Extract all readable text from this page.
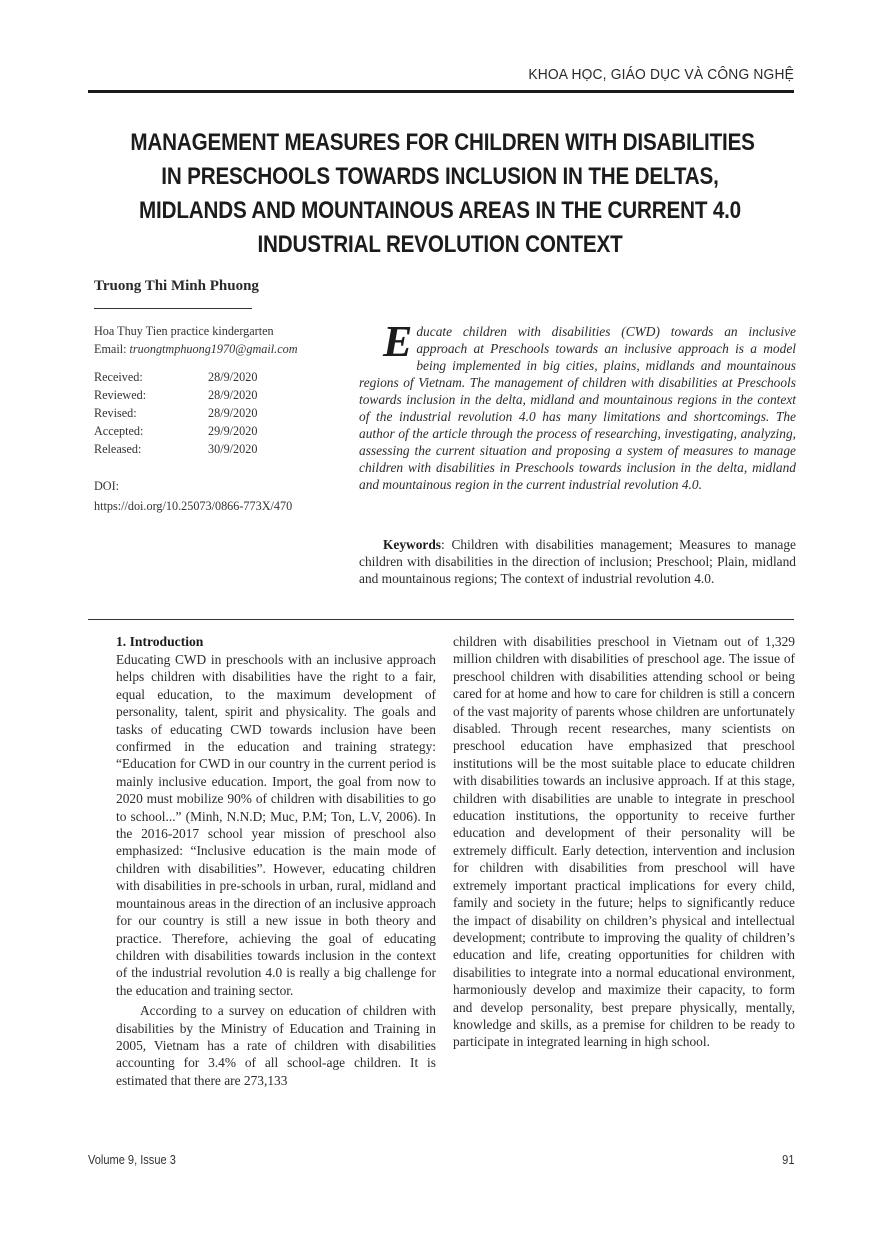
KHOA HỌC, GIÁO DỤC VÀ CÔNG NGHỆ
MANAGEMENT MEASURES FOR CHILDREN WITH DISABILITIES
IN PRESCHOOLS TOWARDS INCLUSION IN THE DELTAS,
MIDLANDS AND MOUNTAINOUS AREAS IN THE CURRENT 4.0
INDUSTRIAL REVOLUTION CONTEXT
Truong Thi Minh Phuong
Hoa Thuy Tien practice kindergarten
Email: truongtmphuong1970@gmail.com
Received:	28/9/2020
Reviewed:	28/9/2020
Revised:	28/9/2020
Accepted:	29/9/2020
Released:	30/9/2020
DOI:
https://doi.org/10.25073/0866-773X/470
Educate children with disabilities (CWD) towards an inclusive approach at Preschools towards an inclusive approach is a model being implemented in big cities, plains, midlands and mountainous regions of Vietnam. The management of children with disabilities at Preschools towards inclusion in the delta, midland and mountainous regions in the context of the industrial revolution 4.0 has many limitations and shortcomings. The author of the article through the process of researching, investigating, analyzing, assessing the current situation and proposing a system of measures to manage children with disabilities in Preschools towards inclusion in the delta, midland and mountainous region in the current industrial revolution 4.0.
Keywords: Children with disabilities management; Measures to manage children with disabilities in the direction of inclusion; Preschool; Plain, midland and mountainous regions; The context of industrial revolution 4.0.
1. Introduction

Educating CWD in preschools with an inclusive approach helps children with disabilities have the right to a fair, equal education, to the maximum development of personality, talent, spirit and physicality. The goals and tasks of educating CWD towards inclusion have been confirmed in the education and training strategy: “Education for CWD in our country in the current period is mainly inclusive education. Import, the goal from now to 2020 must mobilize 90% of children with disabilities to go to school...” (Minh, N.N.D; Muc, P.M; Ton, L.V, 2006). In the 2016-2017 school year mission of preschool also emphasized: “Inclusive education is the main mode of children with disabilities”. However, educating children with disabilities in pre-schools in urban, rural, midland and mountainous areas in the direction of an inclusive approach for our country is still a new issue in both theory and practice. Therefore, achieving the goal of educating children with disabilities towards inclusion in the context of the industrial revolution 4.0 is really a big challenge for the education and training sector.

According to a survey on education of children with disabilities by the Ministry of Education and Training in 2005, Vietnam has a rate of children with disabilities accounting for 3.4% of all school-age children. It is estimated that there are 273,133

children with disabilities preschool in Vietnam out of 1,329 million children with disabilities of preschool age. The issue of preschool children with disabilities attending school or being cared for at home and how to care for children is still a concern of the vast majority of parents whose children are unfortunately disabled. Through recent researches, many scientists on preschool education have emphasized that preschool institutions will be the most suitable place to educate children with disabilities towards an inclusive approach. If at this stage, children with disabilities are unable to integrate in preschool education institutions, the opportunity to receive further education and development of their personality will be extremely difficult. Early detection, intervention and inclusion for children with disabilities from preschool will have extremely important practical implications for every child, family and society in the future; helps to significantly reduce the impact of disability on children’s physical and intellectual development; contribute to improving the quality of children’s education and life, creating opportunities for children with disabilities to integrate into a normal educational environment, harmoniously develop and maximize their capacity, to form and develop personality, best prepare physically, mentally, knowledge and skills, as a premise for children to be ready to participate in integrated learning in high school.

Volume 9, Issue 3	91
